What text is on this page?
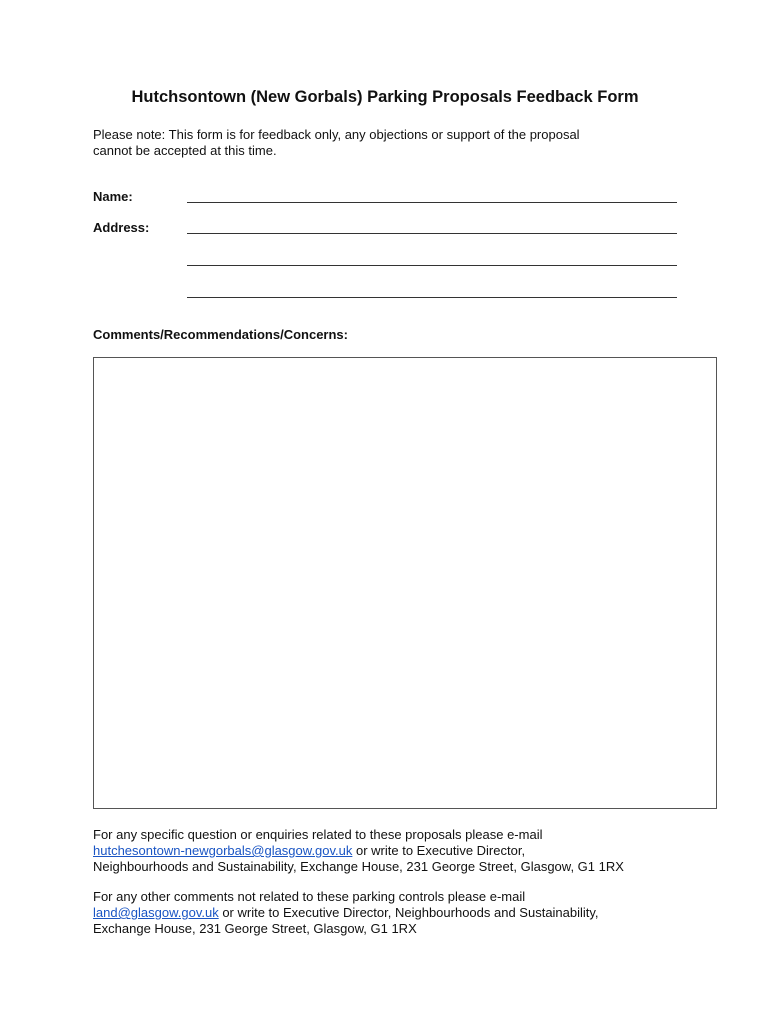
Hutchsontown (New Gorbals) Parking Proposals Feedback Form
Please note: This form is for feedback only, any objections or support of the proposal
cannot be accepted at this time.
Name:
Address:
Comments/Recommendations/Concerns:
For any specific question or enquiries related to these proposals please e-mail
hutchesontown-newgorbals@glasgow.gov.uk or write to Executive Director,
Neighbourhoods and Sustainability, Exchange House, 231 George Street, Glasgow, G1 1RX
For any other comments not related to these parking controls please e-mail
land@glasgow.gov.uk or write to Executive Director, Neighbourhoods and Sustainability,
Exchange House, 231 George Street, Glasgow, G1 1RX
